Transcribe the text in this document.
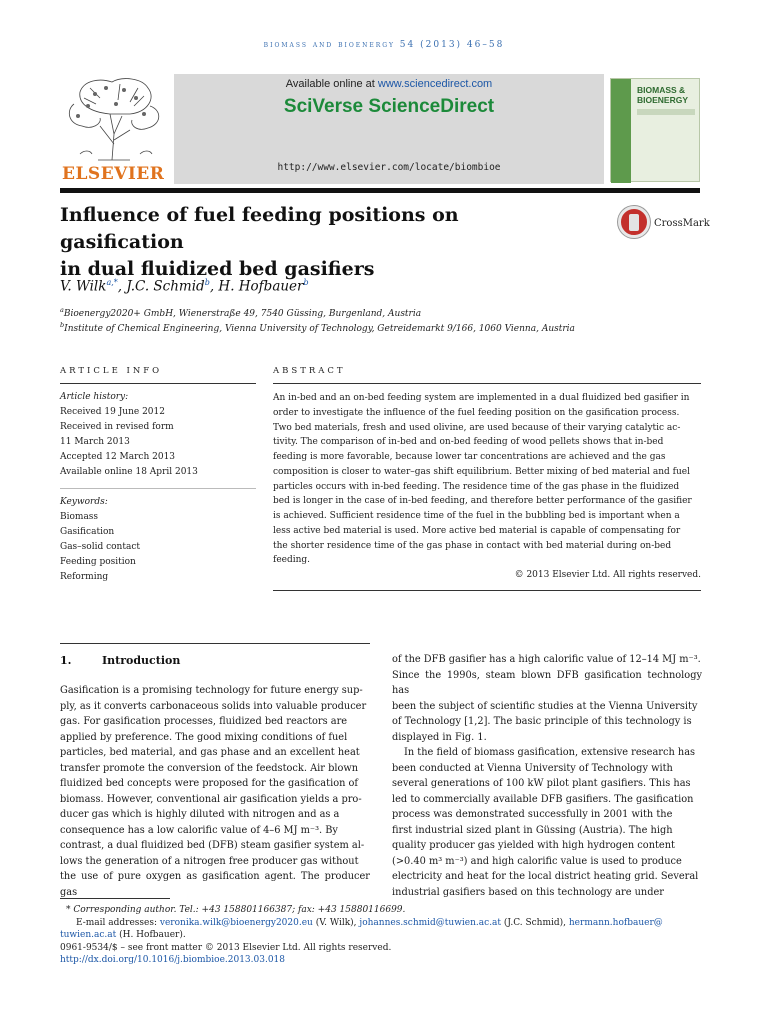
biomass and bioenergy 54 (2013) 46–58
ELSEVIER
Available online at www.sciencedirect.com
SciVerse ScienceDirect
http://www.elsevier.com/locate/biombioe
BIOMASS &
BIOENERGY
Influence of fuel feeding positions on gasification
in dual fluidized bed gasifiers
CrossMark
V. Wilk$^{a,*}$, J.C. Schmid$^b$, H. Hofbauer$^b$
$^a$Bioenergy2020+ GmbH, Wienerstraße 49, 7540 Güssing, Burgenland, Austria
$^b$Institute of Chemical Engineering, Vienna University of Technology, Getreidemarkt 9/166, 1060 Vienna, Austria
ARTICLE INFO
Article history:
Received 19 June 2012
Received in revised form
11 March 2013
Accepted 12 March 2013
Available online 18 April 2013
Keywords:
Biomass
Gasification
Gas–solid contact
Feeding position
Reforming
ABSTRACT
An in-bed and an on-bed feeding system are implemented in a dual fluidized bed gasifier in
order to investigate the influence of the fuel feeding position on the gasification process.
Two bed materials, fresh and used olivine, are used because of their varying catalytic ac-
tivity. The comparison of in-bed and on-bed feeding of wood pellets shows that in-bed
feeding is more favorable, because lower tar concentrations are achieved and the gas
composition is closer to water–gas shift equilibrium. Better mixing of bed material and fuel
particles occurs with in-bed feeding. The residence time of the gas phase in the fluidized
bed is longer in the case of in-bed feeding, and therefore better performance of the gasifier
is achieved. Sufficient residence time of the fuel in the bubbling bed is important when a
less active bed material is used. More active bed material is capable of compensating for
the shorter residence time of the gas phase in contact with bed material during on-bed
feeding.
© 2013 Elsevier Ltd. All rights reserved.
1.	Introduction
Gasification is a promising technology for future energy sup-
ply, as it converts carbonaceous solids into valuable producer
gas. For gasification processes, fluidized bed reactors are
applied by preference. The good mixing conditions of fuel
particles, bed material, and gas phase and an excellent heat
transfer promote the conversion of the feedstock. Air blown
fluidized bed concepts were proposed for the gasification of
biomass. However, conventional air gasification yields a pro-
ducer gas which is highly diluted with nitrogen and as a
consequence has a low calorific value of 4–6 MJ m⁻³. By
contrast, a dual fluidized bed (DFB) steam gasifier system al-
lows the generation of a nitrogen free producer gas without
the use of pure oxygen as gasification agent. The producer gas
of the DFB gasifier has a high calorific value of 12–14 MJ m⁻³.
Since the 1990s, steam blown DFB gasification technology has
been the subject of scientific studies at the Vienna University
of Technology [1,2]. The basic principle of this technology is
displayed in Fig. 1.
In the field of biomass gasification, extensive research has
been conducted at Vienna University of Technology with
several generations of 100 kW pilot plant gasifiers. This has
led to commercially available DFB gasifiers. The gasification
process was demonstrated successfully in 2001 with the
first industrial sized plant in Güssing (Austria). The high
quality producer gas yielded with high hydrogen content
(>0.40 m³ m⁻³) and high calorific value is used to produce
electricity and heat for the local district heating grid. Several
industrial gasifiers based on this technology are under
* Corresponding author. Tel.: +43 158801166387; fax: +43 15880116699.
E-mail addresses: veronika.wilk@bioenergy2020.eu (V. Wilk), johannes.schmid@tuwien.ac.at (J.C. Schmid), hermann.hofbauer@
tuwien.ac.at (H. Hofbauer).
0961-9534/$ – see front matter © 2013 Elsevier Ltd. All rights reserved.
http://dx.doi.org/10.1016/j.biombioe.2013.03.018
